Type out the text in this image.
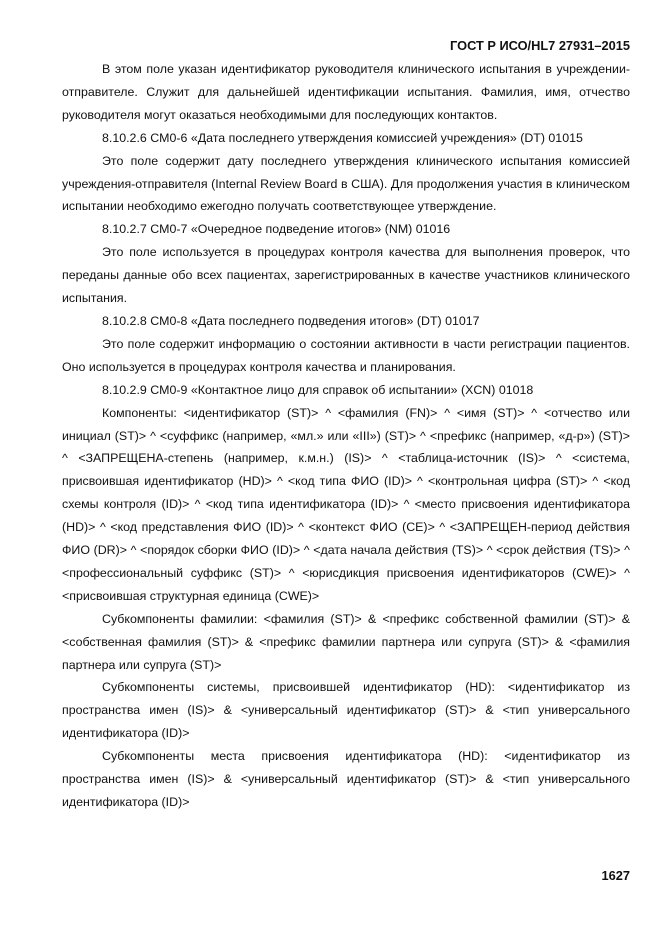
ГОСТ Р ИСО/HL7 27931–2015

В этом поле указан идентификатор руководителя клинического испытания в учреждении-отправителе. Служит для дальнейшей идентификации испытания. Фамилия, имя, отчество руководителя могут оказаться необходимыми для последующих контактов.

8.10.2.6 CM0-6 «Дата последнего утверждения комиссией учреждения» (DT) 01015

Это поле содержит дату последнего утверждения клинического испытания комиссией учреждения-отправителя (Internal Review Board в США). Для продолжения участия в клиническом испытании необходимо ежегодно получать соответствующее утверждение.

8.10.2.7 CM0-7 «Очередное подведение итогов» (NM) 01016

Это поле используется в процедурах контроля качества для выполнения проверок, что переданы данные обо всех пациентах, зарегистрированных в качестве участников клинического испытания.

8.10.2.8 CM0-8 «Дата последнего подведения итогов» (DT) 01017

Это поле содержит информацию о состоянии активности в части регистрации пациентов. Оно используется в процедурах контроля качества и планирования.

8.10.2.9 CM0-9 «Контактное лицо для справок об испытании» (XCN) 01018

Компоненты: <идентификатор (ST)> ^ <фамилия (FN)> ^ <имя (ST)> ^ <отчество или инициал (ST)> ^ <суффикс (например, «мл.» или «III») (ST)> ^ <префикс (например, «д-р») (ST)> ^ <ЗАПРЕЩЕНА-степень (например, к.м.н.) (IS)> ^ <таблица-источник (IS)> ^ <система, присвоившая идентификатор (HD)> ^ <код типа ФИО (ID)> ^ <контрольная цифра (ST)> ^ <код схемы контроля (ID)> ^ <код типа идентификатора (ID)> ^ <место присвоения идентификатора (HD)> ^ <код представления ФИО (ID)> ^ <контекст ФИО (CE)> ^ <ЗАПРЕЩЕН-период действия ФИО (DR)> ^ <порядок сборки ФИО (ID)> ^ <дата начала действия (TS)> ^ <срок действия (TS)> ^ <профессиональный суффикс (ST)> ^ <юрисдикция присвоения идентификаторов (CWE)> ^ <присвоившая структурная единица (CWE)>

Субкомпоненты фамилии: <фамилия (ST)> & <префикс собственной фамилии (ST)> & <собственная фамилия (ST)> & <префикс фамилии партнера или супруга (ST)> & <фамилия партнера или супруга (ST)>

Субкомпоненты системы, присвоившей идентификатор (HD): <идентификатор из пространства имен (IS)> & <универсальный идентификатор (ST)> & <тип универсального идентификатора (ID)>

Субкомпоненты места присвоения идентификатора (HD): <идентификатор из пространства имен (IS)> & <универсальный идентификатор (ST)> & <тип универсального идентификатора (ID)>

1627
